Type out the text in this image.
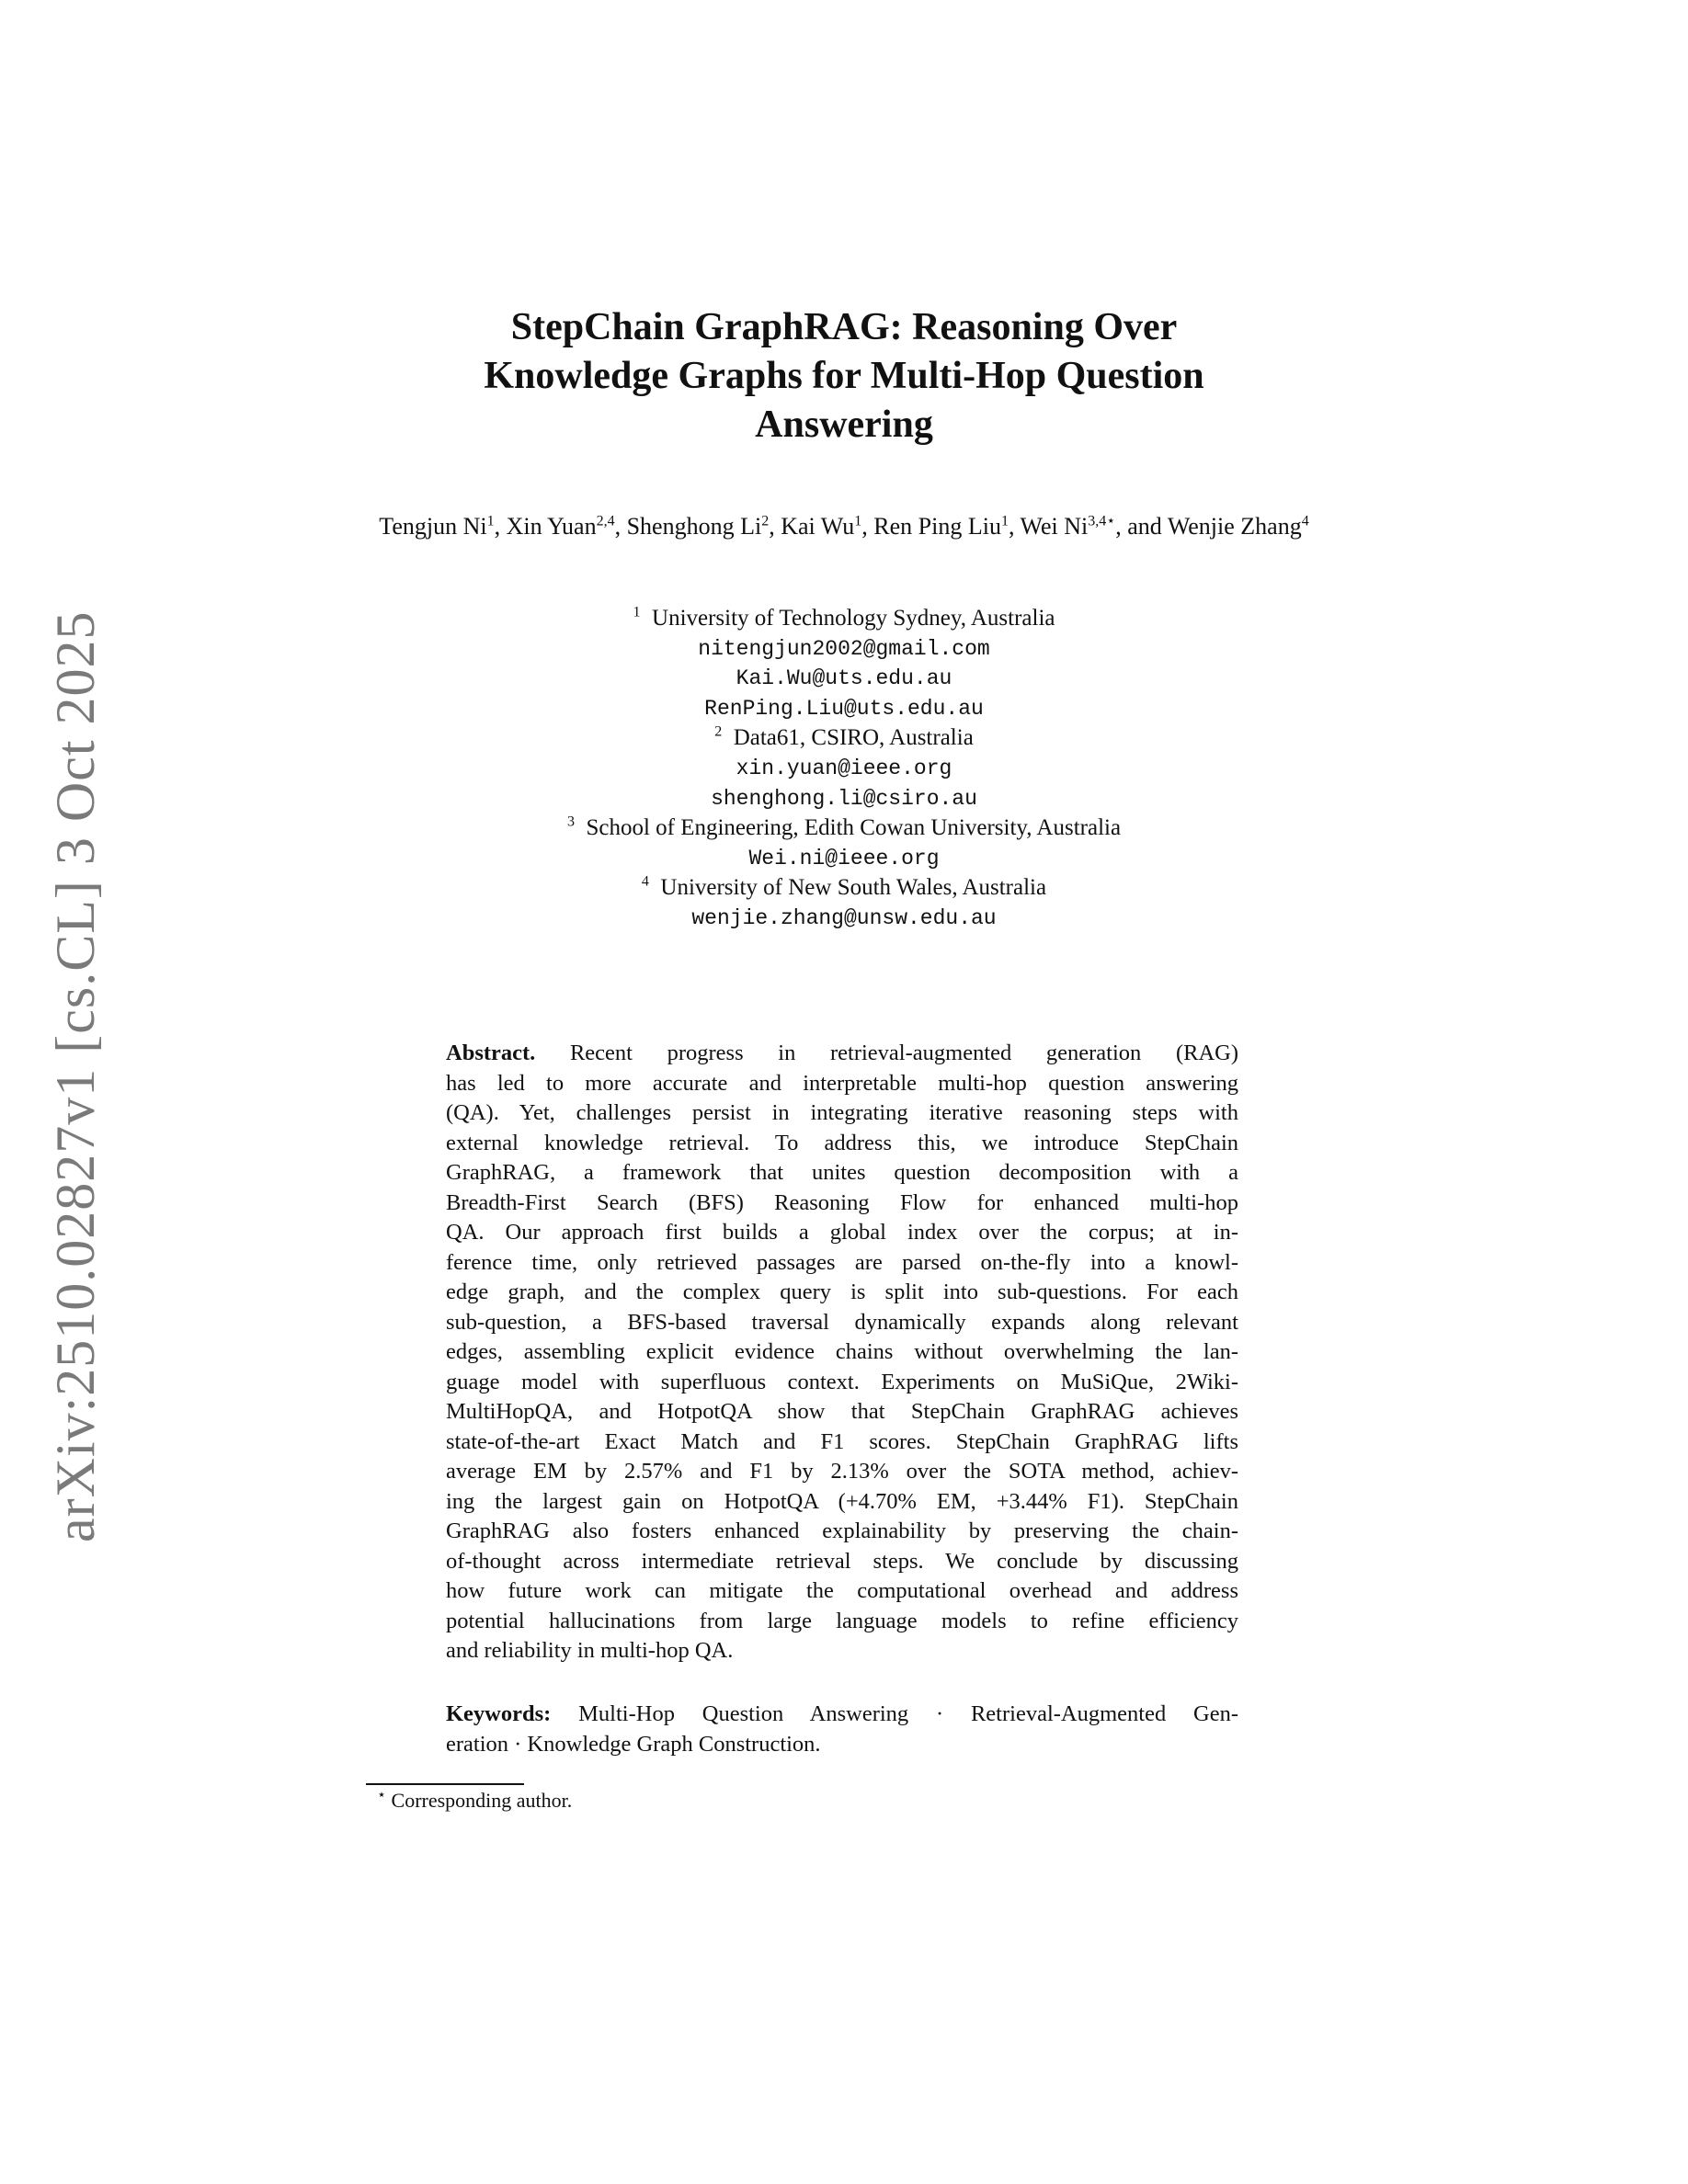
arXiv:2510.02827v1 [cs.CL] 3 Oct 2025
StepChain GraphRAG: Reasoning Over
Knowledge Graphs for Multi-Hop Question
Answering
Tengjun Ni$^1$, Xin Yuan$^{2,4}$, Shenghong Li$^2$, Kai Wu$^1$, Ren Ping Liu$^1$, Wei $Ni^{3,4⋆}$, and Wenjie Zhang$^4$
$^1$ University of Technology Sydney, Australia
nitengjun2002@gmail.com
Kai.Wu@uts.edu.au
RenPing.Liu@uts.edu.au
$^2$ Data61, CSIRO, Australia
xin.yuan@ieee.org
shenghong.li@csiro.au
$^3$ School of Engineering, Edith Cowan University, Australia
Wei.ni@ieee.org
$^4$ University of New South Wales, Australia
wenjie.zhang@unsw.edu.au
Abstract. Recent progress in retrieval-augmented generation (RAG)
has led to more accurate and interpretable multi-hop question answering
(QA). Yet, challenges persist in integrating iterative reasoning steps with
external knowledge retrieval. To address this, we introduce StepChain
GraphRAG, a framework that unites question decomposition with a
Breadth-First Search (BFS) Reasoning Flow for enhanced multi-hop
QA. Our approach first builds a global index over the corpus; at in-
ference time, only retrieved passages are parsed on-the-fly into a knowl-
edge graph, and the complex query is split into sub-questions. For each
sub-question, a BFS-based traversal dynamically expands along relevant
edges, assembling explicit evidence chains without overwhelming the lan-
guage model with superfluous context. Experiments on MuSiQue, 2Wiki-
MultiHopQA, and HotpotQA show that StepChain GraphRAG achieves
state-of-the-art Exact Match and F1 scores. StepChain GraphRAG lifts
average EM by 2.57% and F1 by 2.13% over the SOTA method, achiev-
ing the largest gain on HotpotQA (+4.70% EM, +3.44% F1). StepChain
GraphRAG also fosters enhanced explainability by preserving the chain-
of-thought across intermediate retrieval steps. We conclude by discussing
how future work can mitigate the computational overhead and address
potential hallucinations from large language models to refine efficiency
and reliability in multi-hop QA.
Keywords: Multi-Hop Question Answering · Retrieval-Augmented Gen-
eration · Knowledge Graph Construction.
⋆ Corresponding author.
